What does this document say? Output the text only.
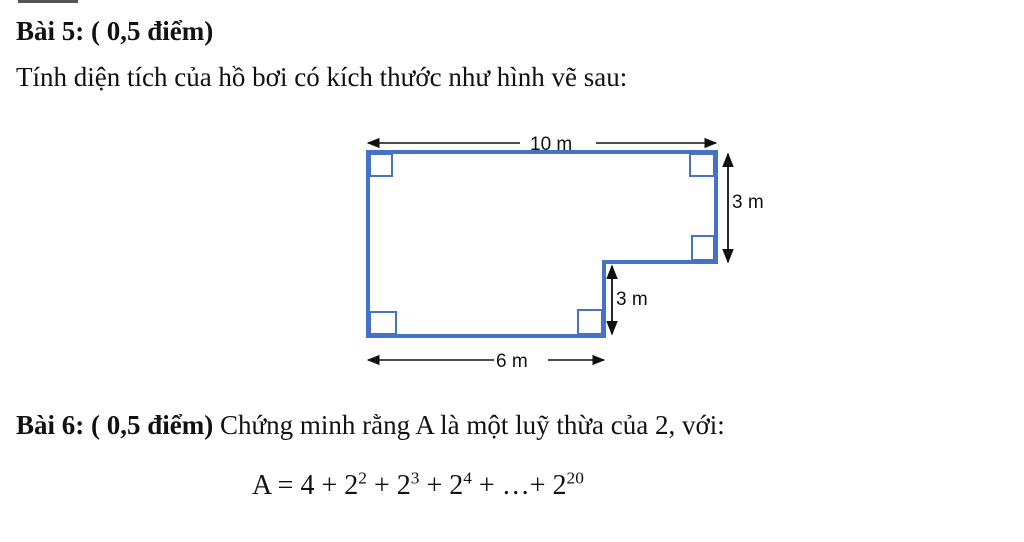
Bài 5: ( 0,5 điểm)
Tính diện tích của hồ bơi có kích thước như hình vẽ sau:
10 m
3 m
3 m
6 m
Bài 6: ( 0,5 điểm) Chứng minh rằng A là một luỹ thừa của 2, với:
$A = 4 + 2^2 + 2^3 + 2^4$ + …+ $2^{20}$
